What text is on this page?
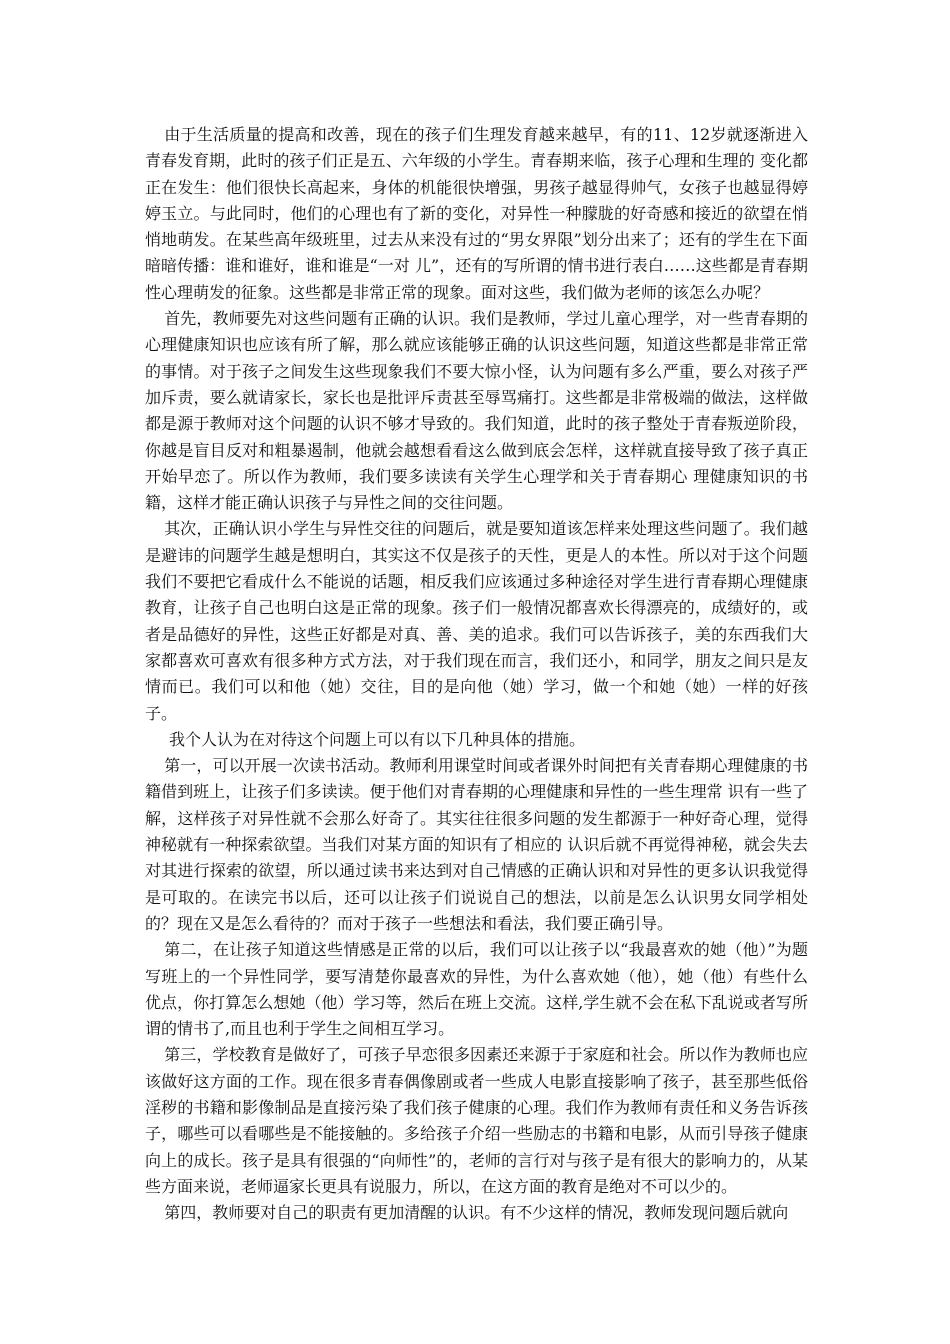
由于生活质量的提高和改善，现在的孩子们生理发育越来越早，有的11、12岁就逐渐进入青春发育期，此时的孩子们正是五、六年级的小学生。青春期来临，孩子心理和生理的 变化都正在发生：他们很快长高起来，身体的机能很快增强，男孩子越显得帅气，女孩子也越显得婷婷玉立。与此同时，他们的心理也有了新的变化，对异性一种朦胧的好奇感和接近的欲望在悄悄地萌发。在某些高年级班里，过去从来没有过的“男女界限”划分出来了；还有的学生在下面暗暗传播：谁和谁好，谁和谁是“一对 儿”，还有的写所谓的情书进行表白……这些都是青春期性心理萌发的征象。这些都是非常正常的现象。面对这些，我们做为老师的该怎么办呢？

首先，教师要先对这些问题有正确的认识。我们是教师，学过儿童心理学，对一些青春期的心理健康知识也应该有所了解，那么就应该能够正确的认识这些问题，知道这些都是非常正常的事情。对于孩子之间发生这些现象我们不要大惊小怪，认为问题有多么严重，要么对孩子严加斥责，要么就请家长，家长也是批评斥责甚至辱骂痛打。这些都是非常极端的做法，这样做都是源于教师对这个问题的认识不够才导致的。我们知道，此时的孩子整处于青春叛逆阶段，你越是盲目反对和粗暴遏制，他就会越想看看这么做到底会怎样，这样就直接导致了孩子真正开始早恋了。所以作为教师，我们要多读读有关学生心理学和关于青春期心 理健康知识的书籍，这样才能正确认识孩子与异性之间的交往问题。

其次，正确认识小学生与异性交往的问题后，就是要知道该怎样来处理这些问题了。我们越是避讳的问题学生越是想明白，其实这不仅是孩子的天性，更是人的本性。所以对于这个问题我们不要把它看成什么不能说的话题，相反我们应该通过多种途径对学生进行青春期心理健康教育，让孩子自己也明白这是正常的现象。孩子们一般情况都喜欢长得漂亮的，成绩好的，或者是品德好的异性，这些正好都是对真、善、美的追求。我们可以告诉孩子，美的东西我们大家都喜欢可喜欢有很多种方式方法，对于我们现在而言，我们还小，和同学，朋友之间只是友情而已。我们可以和他（她）交往，目的是向他（她）学习，做一个和她（她）一样的好孩子。

我个人认为在对待这个问题上可以有以下几种具体的措施。

第一，可以开展一次读书活动。教师利用课堂时间或者课外时间把有关青春期心理健康的书籍借到班上，让孩子们多读读。便于他们对青春期的心理健康和异性的一些生理常 识有一些了解，这样孩子对异性就不会那么好奇了。其实往往很多问题的发生都源于一种好奇心理，觉得神秘就有一种探索欲望。当我们对某方面的知识有了相应的 认识后就不再觉得神秘，就会失去对其进行探索的欲望，所以通过读书来达到对自己情感的正确认识和对异性的更多认识我觉得是可取的。在读完书以后，还可以让孩子们说说自己的想法，以前是怎么认识男女同学相处的？现在又是怎么看待的？而对于孩子一些想法和看法，我们要正确引导。

第二，在让孩子知道这些情感是正常的以后，我们可以让孩子以“我最喜欢的她（他）”为题写班上的一个异性同学，要写清楚你最喜欢的异性，为什么喜欢她（他），她（他）有些什么优点，你打算怎么想她（他）学习等，然后在班上交流。这样,学生就不会在私下乱说或者写所谓的情书了,而且也利于学生之间相互学习。

第三，学校教育是做好了，可孩子早恋很多因素还来源于于家庭和社会。所以作为教师也应该做好这方面的工作。现在很多青春偶像剧或者一些成人电影直接影响了孩子，甚至那些低俗淫秽的书籍和影像制品是直接污染了我们孩子健康的心理。我们作为教师有责任和义务告诉孩子，哪些可以看哪些是不能接触的。多给孩子介绍一些励志的书籍和电影，从而引导孩子健康向上的成长。孩子是具有很强的“向师性”的，老师的言行对与孩子是有很大的影响力的，从某些方面来说，老师逼家长更具有说服力，所以，在这方面的教育是绝对不可以少的。

第四，教师要对自己的职责有更加清醒的认识。有不少这样的情况，教师发现问题后就向
